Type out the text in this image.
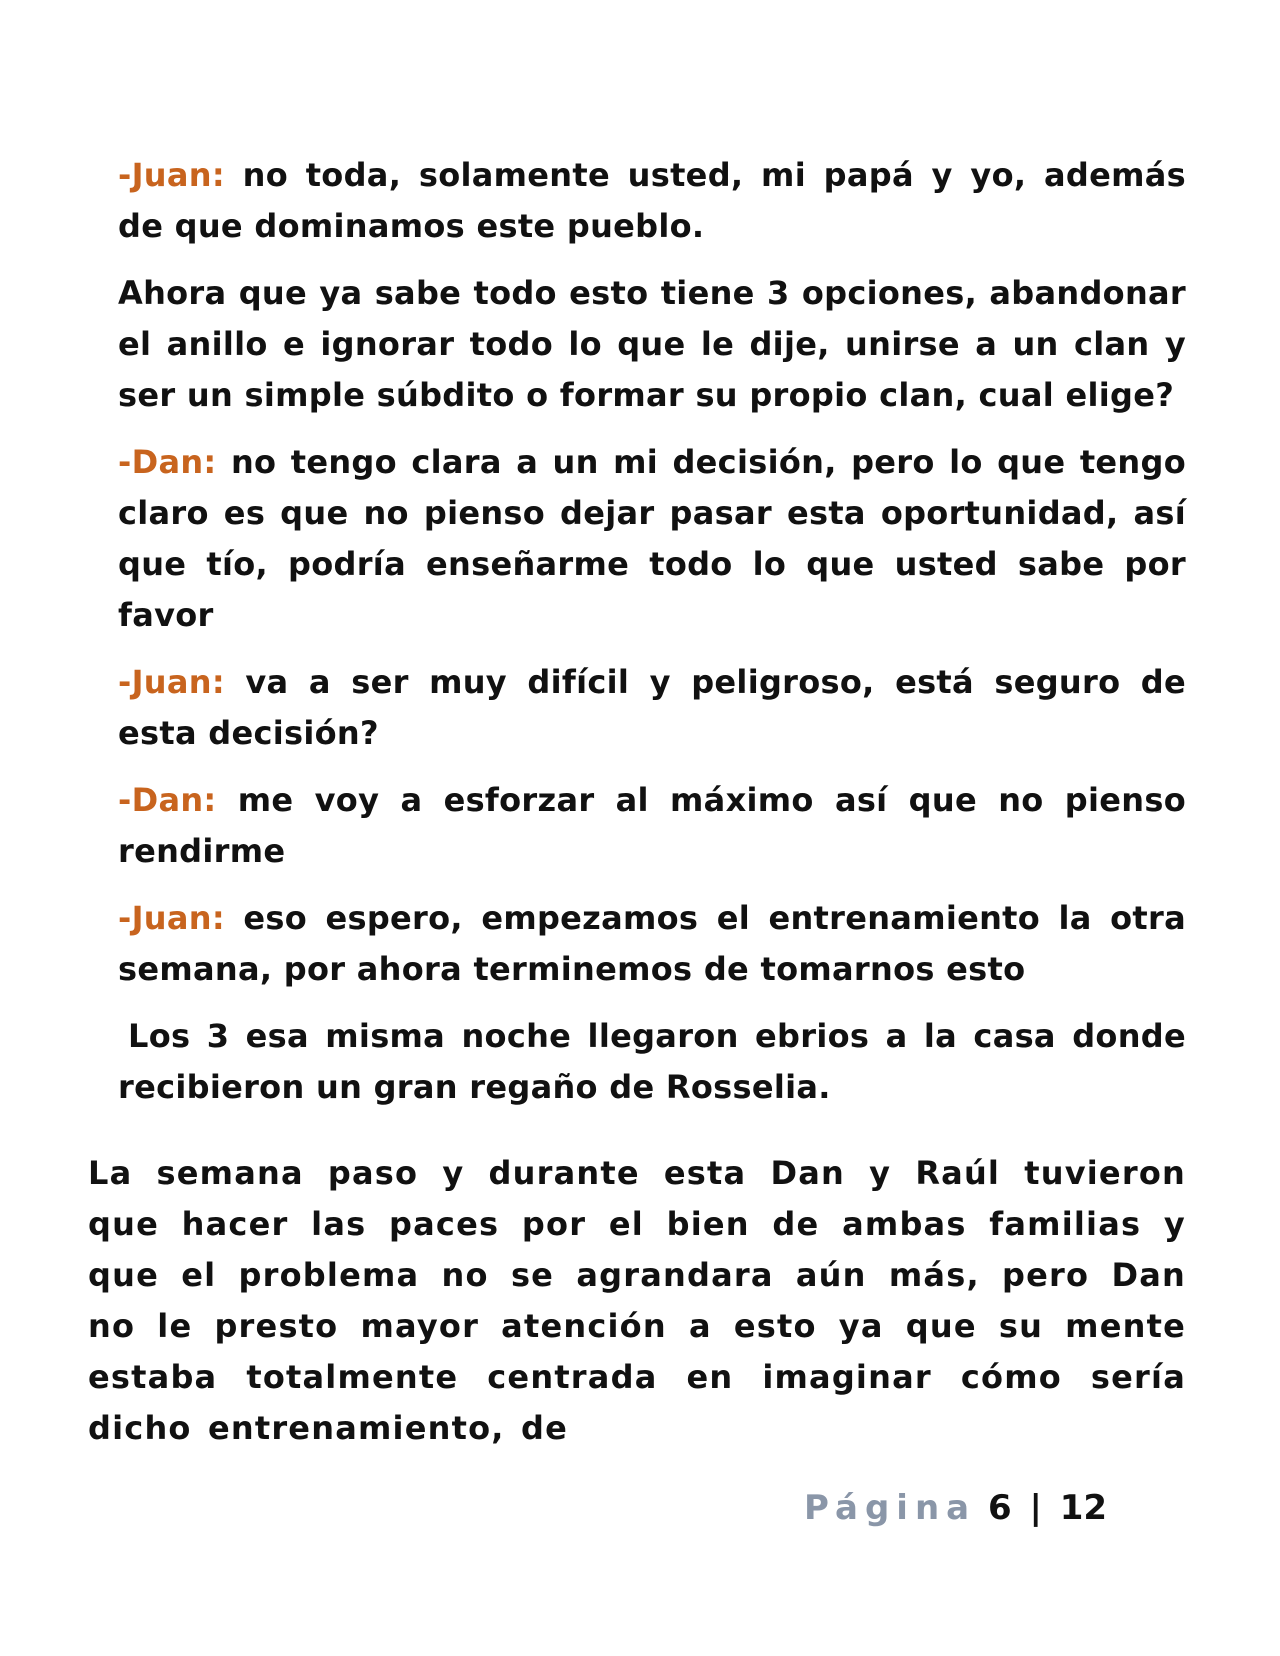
-Juan: no toda, solamente usted, mi papá y yo, además de que dominamos este pueblo.

Ahora que ya sabe todo esto tiene 3 opciones, abandonar el anillo e ignorar todo lo que le dije, unirse a un clan y ser un simple súbdito o formar su propio clan, cual elige?

-Dan: no tengo clara a un mi decisión, pero lo que tengo claro es que no pienso dejar pasar esta oportunidad, así que tío, podría enseñarme todo lo que usted sabe por favor

-Juan: va a ser muy difícil y peligroso, está seguro de esta decisión?

-Dan: me voy a esforzar al máximo así que no pienso rendirme

-Juan: eso espero, empezamos el entrenamiento la otra semana, por ahora terminemos de tomarnos esto

Los 3 esa misma noche llegaron ebrios a la casa donde recibieron un gran regaño de Rosselia.

La semana paso y durante esta Dan y Raúl tuvieron que hacer las paces por el bien de ambas familias y que el problema no se agrandara aún más, pero Dan no le presto mayor atención a esto ya que su mente estaba totalmente centrada en imaginar cómo sería dicho entrenamiento, de

Página 6 | 12
